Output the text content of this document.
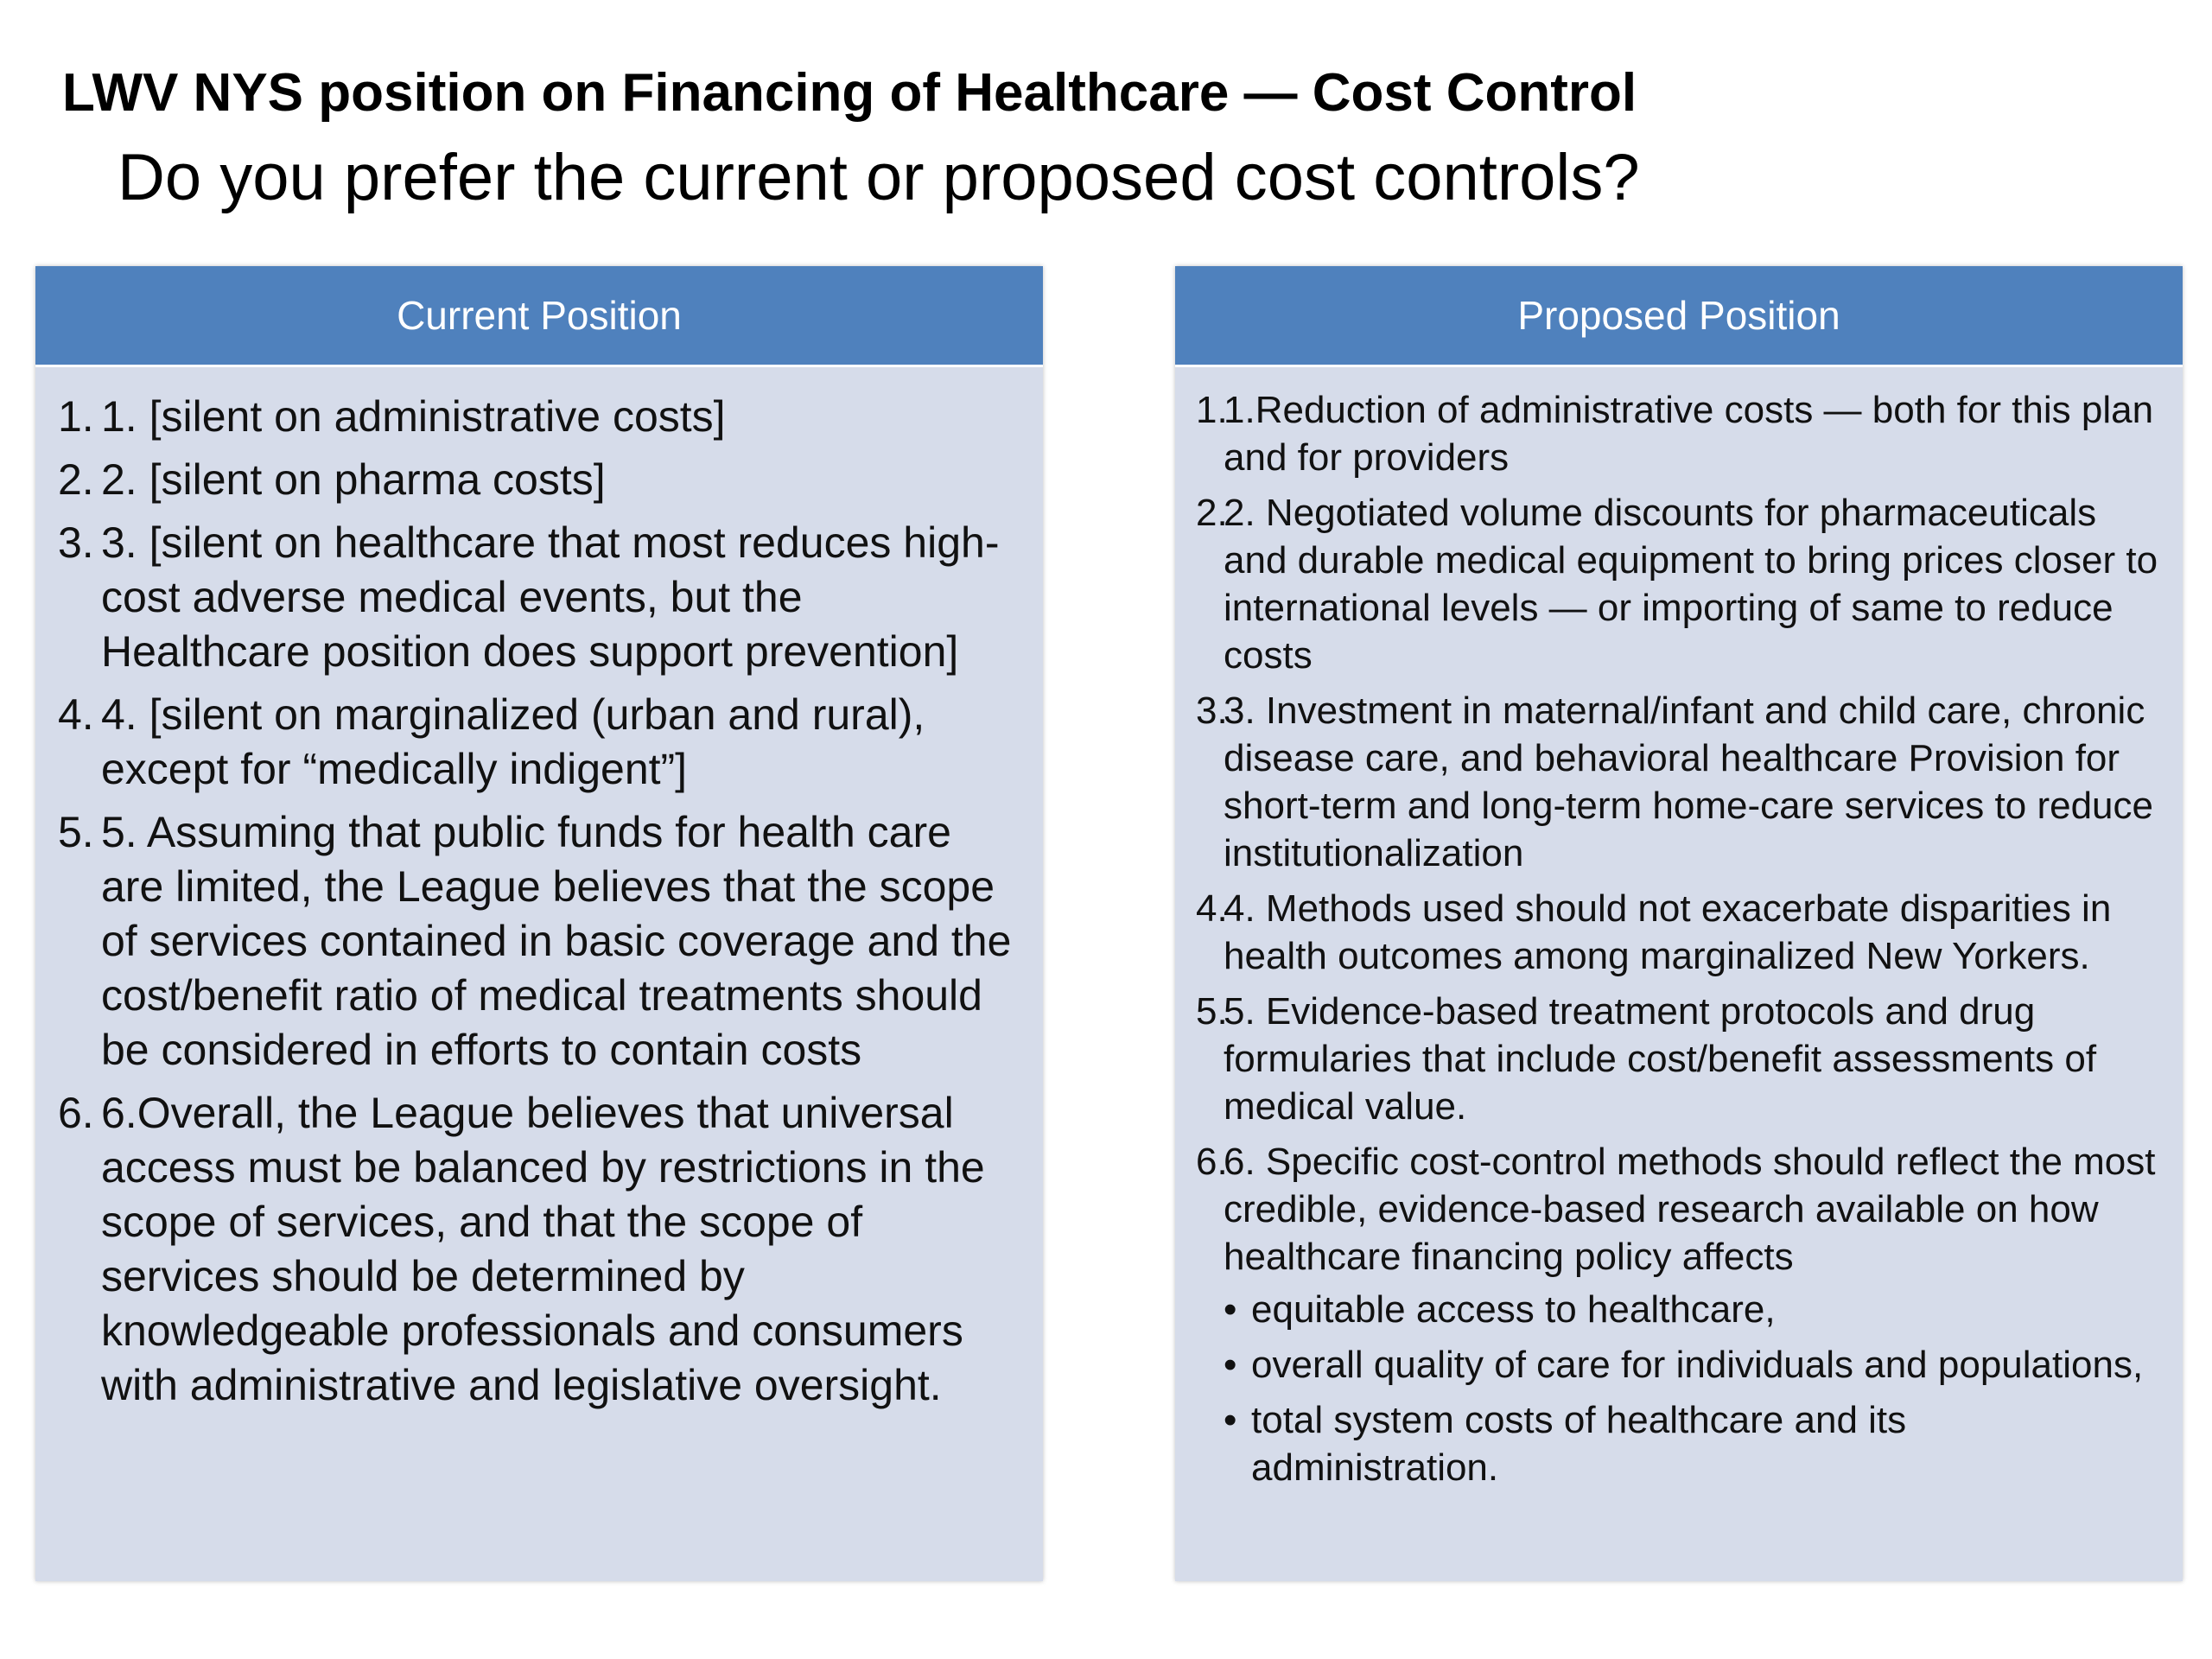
LWV NYS position on Financing of Healthcare — Cost Control
Do you prefer the current or proposed cost controls?
Current Position
1. 1. [silent on administrative costs]
2. 2. [silent on pharma costs]
3. 3. [silent on healthcare that most reduces high-cost adverse medical events, but the Healthcare position does support prevention]
4. 4. [silent on marginalized (urban and rural), except for “medically indigent”]
5. 5. Assuming that public funds for health care are limited, the League believes that the scope of services contained in basic coverage and the cost/benefit ratio of medical treatments should be considered in efforts to contain costs
6. 6.Overall, the League believes that universal access must be balanced by restrictions in the scope of services, and that the scope of services should be determined by knowledgeable professionals and consumers with administrative and legislative oversight.
Proposed Position
1.
1.Reduction of administrative costs — both for this plan and for providers
2.
2. Negotiated volume discounts for pharmaceuticals and durable medical equipment to bring prices closer to international levels — or importing of same to reduce costs
3.
3. Investment in maternal/infant and child care, chronic disease care, and behavioral healthcare Provision for short-term and long-term home-care services to reduce institutionalization
4.
4. Methods used should not exacerbate disparities in health outcomes among marginalized New Yorkers.
5.
5. Evidence-based treatment protocols and drug formularies that include cost/benefit assessments of medical value.
6.
6. Specific cost-control methods should reflect the most credible, evidence-based research available on how healthcare financing policy affects
• equitable access to healthcare,
• overall quality of care for individuals and populations,
• total system costs of healthcare and its administration.
